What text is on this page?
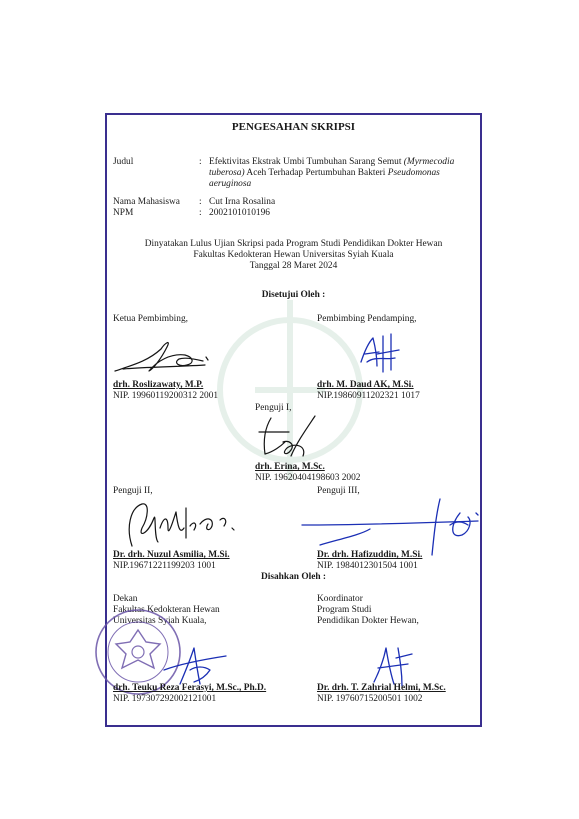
PENGESAHAN SKRIPSI
Judul	: Efektivitas Ekstrak Umbi Tumbuhan Sarang Semut (Myrmecodia
tuberosa) Aceh Terhadap Pertumbuhan Bakteri Pseudomonas
aeruginosa
Nama Mahasiswa : Cut Irna Rosalina
NPM	: 2002101010196
Dinyatakan Lulus Ujian Skripsi pada Program Studi Pendidikan Dokter Hewan
Fakultas Kedokteran Hewan Universitas Syiah Kuala
Tanggal 28 Maret 2024
Disetujui Oleh :
Ketua Pembimbing,	Pembimbing Pendamping,
drh. Roslizawaty, M.P.
NIP. 19960119200312 2001
drh. M. Daud AK, M.Si.
NIP.19860911202321 1017
Penguji I,
drh. Erina, M.Sc.
NIP. 19620404198603 2002
Penguji II,	Penguji III,
Dr. drh. Nuzul Asmilia, M.Si.
NIP.19671221199203 1001
Dr. drh. Hafizuddin, M.Si.
NIP. 1984012301504 1001
Disahkan Oleh :
Dekan
Fakultas Kedokteran Hewan
Universitas Syiah Kuala,
Koordinator
Program Studi
Pendidikan Dokter Hewan,
drh. Teuku Reza Ferasyi, M.Sc., Ph.D.
NIP. 197307292002121001
Dr. drh. T. Zahrial Helmi, M.Sc.
NIP. 19760715200501 1002
